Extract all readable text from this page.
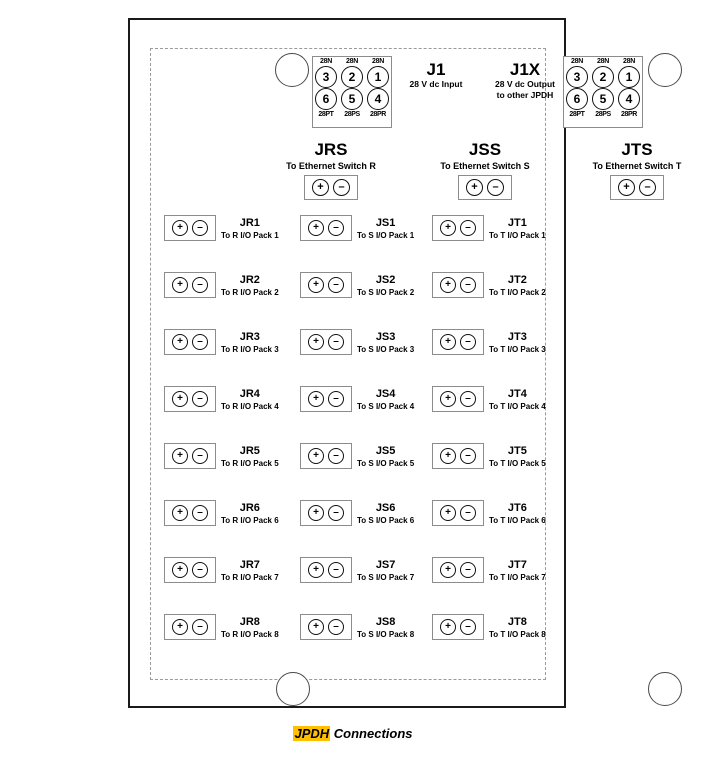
28N	28N	28N
3	2	1
6	5	4
28PT	28PS	28PR
28N	28N	28N
3	2	1
6	5	4
28PT	28PS	28PR
J1
28 V dc Input
J1X
28 V dc Output
to other JPDH
JRS
To Ethernet Switch R
+	–
JSS
To Ethernet Switch S
+	–
JTS
To Ethernet Switch T
+	–
+	–	JR1
To R I/O Pack 1
+	–	JR2
To R I/O Pack 2
+	–	JR3
To R I/O Pack 3
+	–	JR4
To R I/O Pack 4
+	–	JR5
To R I/O Pack 5
+	–	JR6
To R I/O Pack 6
+	–	JR7
To R I/O Pack 7
+	–	JR8
To R I/O Pack 8
+	–	JS1
To S I/O Pack 1
+	–	JS2
To S I/O Pack 2
+	–	JS3
To S I/O Pack 3
+	–	JS4
To S I/O Pack 4
+	–	JS5
To S I/O Pack 5
+	–	JS6
To S I/O Pack 6
+	–	JS7
To S I/O Pack 7
+	–	JS8
To S I/O Pack 8
+	–	JT1
To T I/O Pack 1
+	–	JT2
To T I/O Pack 2
+	–	JT3
To T I/O Pack 3
+	–	JT4
To T I/O Pack 4
+	–	JT5
To T I/O Pack 5
+	–	JT6
To T I/O Pack 6
+	–	JT7
To T I/O Pack 7
+	–	JT8
To T I/O Pack 8
JPDH Connections
